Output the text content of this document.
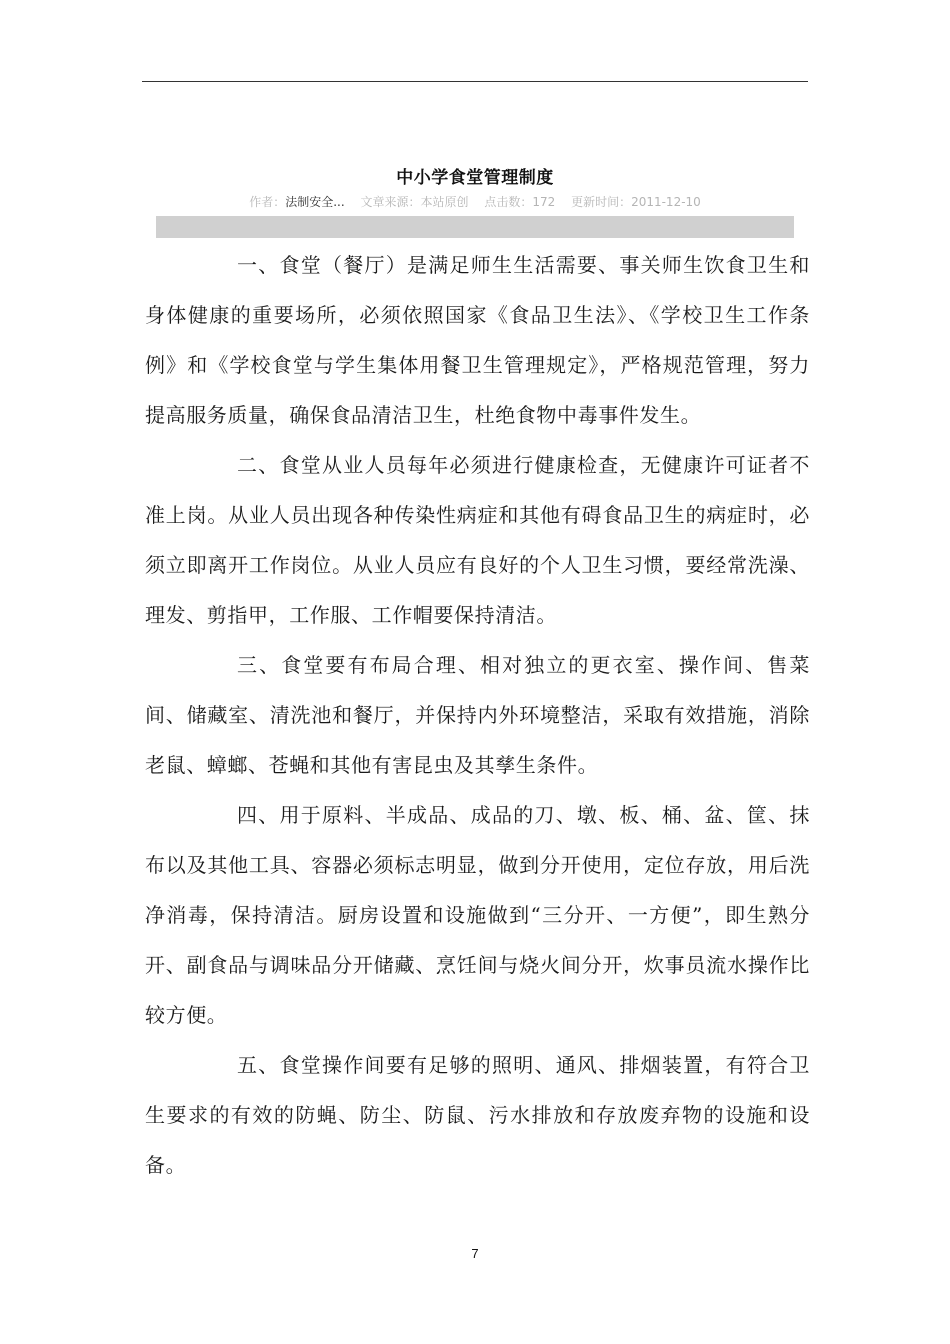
中小学食堂管理制度
作者：法制安全... 文章来源：本站原创 点击数：172 更新时间：2011-12-10

一、食堂（餐厅）是满足师生生活需要、事关师生饮食卫生和身体健康的重要场所，必须依照国家《食品卫生法》、《学校卫生工作条例》和《学校食堂与学生集体用餐卫生管理规定》，严格规范管理，努力提高服务质量，确保食品清洁卫生，杜绝食物中毒事件发生。

二、食堂从业人员每年必须进行健康检查，无健康许可证者不准上岗。从业人员出现各种传染性病症和其他有碍食品卫生的病症时，必须立即离开工作岗位。从业人员应有良好的个人卫生习惯，要经常洗澡、理发、剪指甲，工作服、工作帽要保持清洁。

三、食堂要有布局合理、相对独立的更衣室、操作间、售菜间、储藏室、清洗池和餐厅，并保持内外环境整洁，采取有效措施，消除老鼠、蟑螂、苍蝇和其他有害昆虫及其孳生条件。

四、用于原料、半成品、成品的刀、墩、板、桶、盆、筐、抹布以及其他工具、容器必须标志明显，做到分开使用，定位存放，用后洗净消毒，保持清洁。厨房设置和设施做到“三分开、一方便”，即生熟分开、副食品与调味品分开储藏、烹饪间与烧火间分开，炊事员流水操作比较方便。

五、食堂操作间要有足够的照明、通风、排烟装置，有符合卫生要求的有效的防蝇、防尘、防鼠、污水排放和存放废弃物的设施和设备。

7
